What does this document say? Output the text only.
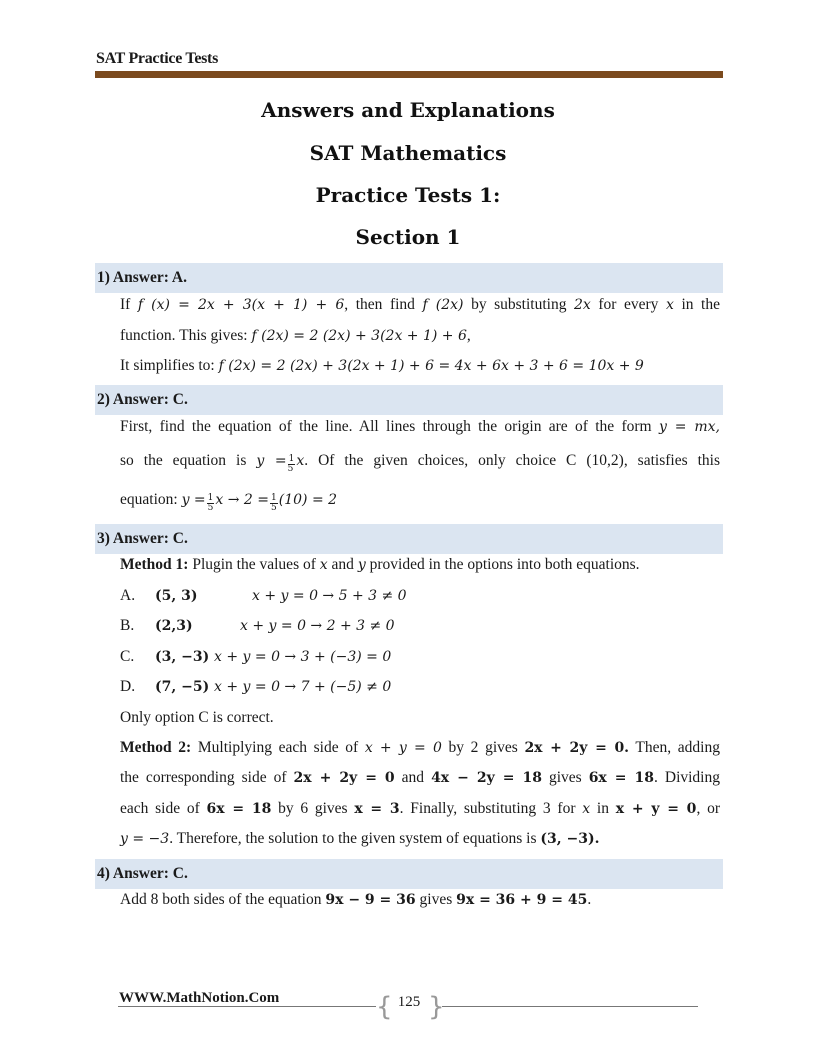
SAT Practice Tests
Answers and Explanations
SAT Mathematics
Practice Tests 1:
Section 1
1) Answer: A.
If f (x) = 2x + 3(x + 1) + 6, then find f (2x) by substituting 2x for every x in the
function. This gives: f (2x) = 2 (2x) + 3(2x + 1) + 6,
It simplifies to: f (2x) = 2 (2x) + 3(2x + 1) + 6 = 4x + 6x + 3 + 6 = 10x + 9
2) Answer: C.
First, find the equation of the line. All lines through the origin are of the form y = mx,
so the equation is $y = \frac{1}{5} x$. Of the given choices, only choice C (10,2), satisfies this
equation: $y = \frac{1}{5}$ $x \to 2 = \frac{1}{5} (10) = 2$
3) Answer: C.
Method 1: Plugin the values of x and y provided in the options into both equations.
A. (5, 3)	x + y = 0 → 5 + 3 ≠ 0
B. (2,3)	x + y = 0 → 2 + 3 ≠ 0
C. (3, −3) x + y = 0 → 3 + (−3) = 0
D. (7, −5) x + y = 0 → 7 + (−5) ≠ 0
Only option C is correct.
Method 2: Multiplying each side of x + y = 0 by 2 gives 2x + 2y = 0. Then, adding
the corresponding side of 2x + 2y = 0 and 4x − 2y = 18 gives 6x = 18. Dividing
each side of 6x = 18 by 6 gives x = 3. Finally, substituting 3 for x in x + y = 0, or
y = −3. Therefore, the solution to the given system of equations is (3, −3).
4) Answer: C.
Add 8 both sides of the equation 9x − 9 = 36 gives 9x = 36 + 9 = 45.
WWW.MathNotion.Com	{ 125 }
